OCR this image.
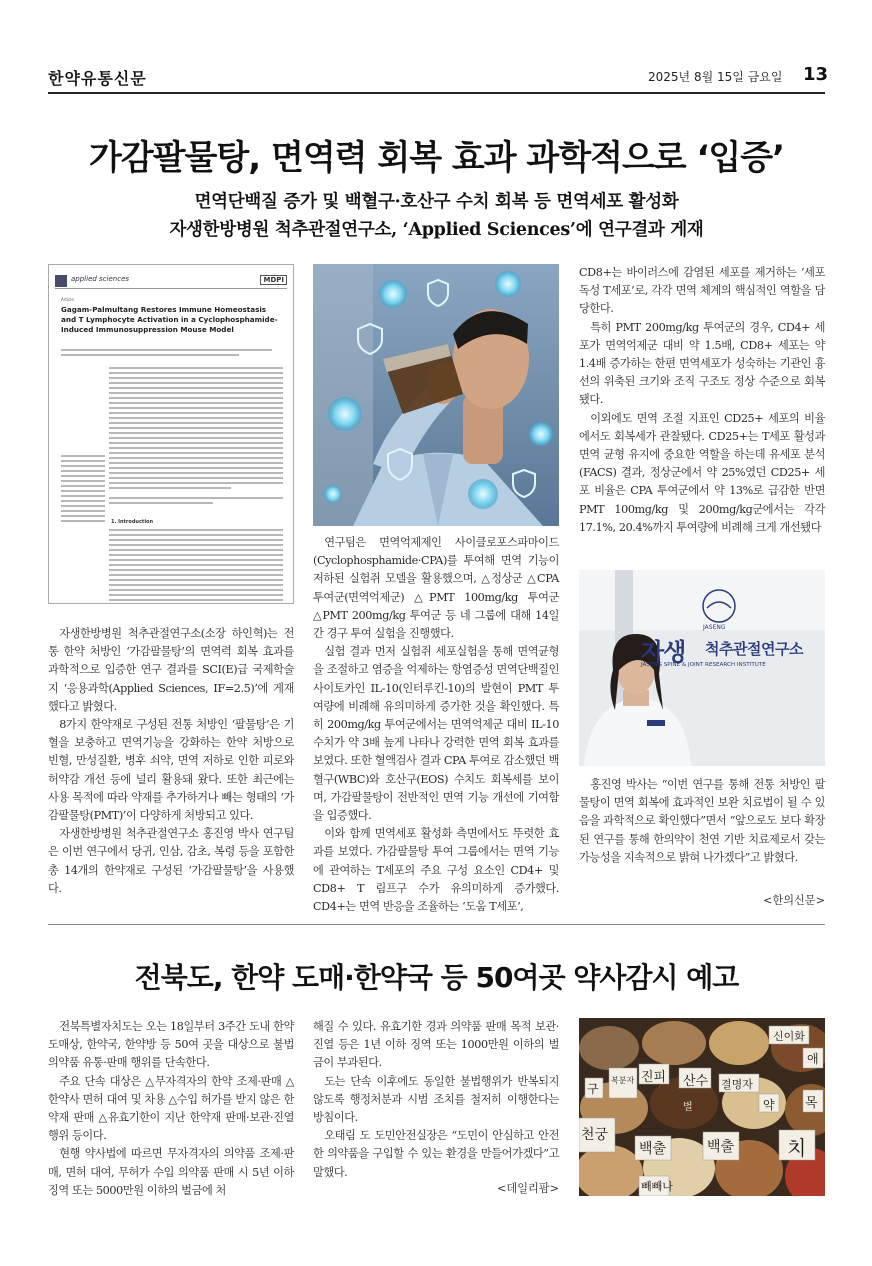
한약유통신문	2025년 8월 15일 금요일 13
가감팔물탕, 면역력 회복 효과 과학적으로 ‘입증’
면역단백질 증가 및 백혈구·호산구 수치 회복 등 면역세포 활성화
자생한방병원 척추관절연구소, ‘Applied Sciences’에 연구결과 게재
applied sciences	MDPI
Article
Gagam-Palmultang Restores Immune Homeostasis and T Lymphocyte Activation in a Cyclophosphamide-Induced Immunosuppression Mouse Model
1. Introduction

자생한방병원 척추관절연구소(소장 하인혁)는 전통 한약 처방인 ‘가감팔물탕’의 면역력 회복 효과를 과학적으로 입증한 연구 결과를 SCI(E)급 국제학술지 ‘응용과학(Applied Sciences, IF=2.5)’에 게재했다고 밝혔다.

8가지 한약재로 구성된 전통 처방인 ‘팔물탕’은 기혈을 보충하고 면역기능을 강화하는 한약 처방으로 빈혈, 만성질환, 병후 쇠약, 면역 저하로 인한 피로와 허약감 개선 등에 널리 활용돼 왔다. 또한 최근에는 사용 목적에 따라 약재를 추가하거나 빼는 형태의 ‘가감팔물탕(PMT)’이 다양하게 처방되고 있다.

자생한방병원 척추관절연구소 홍진영 박사 연구팀은 이번 연구에서 당귀, 인삼, 감초, 복령 등을 포함한 총 14개의 한약재로 구성된 ‘가감팔물탕’을 사용했다.

연구팀은 면역억제제인 사이클로포스파마이드(Cyclophosphamide·CPA)를 투여해 면역 기능이 저하된 실험쥐 모델을 활용했으며, △정상군 △CPA 투여군(면역억제군) △PMT 100mg/kg 투여군 △PMT 200mg/kg 투여군 등 네 그룹에 대해 14일간 경구 투여 실험을 진행했다.

실험 결과 먼저 실험쥐 세포실험을 통해 면역균형을 조절하고 염증을 억제하는 항염증성 면역단백질인 사이토카인 IL-10(인터루킨-10)의 발현이 PMT 투여량에 비례해 유의미하게 증가한 것을 확인했다. 특히 200mg/kg 투여군에서는 면역억제군 대비 IL-10 수치가 약 3배 높게 나타나 강력한 면역 회복 효과를 보였다. 또한 혈액검사 결과 CPA 투여로 감소했던 백혈구(WBC)와 호산구(EOS) 수치도 회복세를 보이며, 가감팔물탕이 전반적인 면역 기능 개선에 기여함을 입증했다.

이와 함께 면역세포 활성화 측면에서도 뚜렷한 효과를 보였다. 가감팔물탕 투여 그룹에서는 면역 기능에 관여하는 T세포의 주요 구성 요소인 CD4+ 및 CD8+ T 림프구 수가 유의미하게 증가했다. CD4+는 면역 반응을 조율하는 ‘도움 T세포’,

CD8+는 바이러스에 감염된 세포를 제거하는 ‘세포독성 T세포’로, 각각 면역 체계의 핵심적인 역할을 담당한다.

특히 PMT 200mg/kg 투여군의 경우, CD4+ 세포가 면역억제군 대비 약 1.5배, CD8+ 세포는 약 1.4배 증가하는 한편 면역세포가 성숙하는 기관인 흉선의 위축된 크기와 조직 구조도 정상 수준으로 회복됐다.

이외에도 면역 조절 지표인 CD25+ 세포의 비율에서도 회복세가 관찰됐다. CD25+는 T세포 활성과 면역 균형 유지에 중요한 역할을 하는데 유세포 분석(FACS) 결과, 정상군에서 약 25%였던 CD25+ 세포 비율은 CPA 투여군에서 약 13%로 급감한 반면 PMT 100mg/kg 및 200mg/kg군에서는 각각 17.1%, 20.4%까지 투여량에 비례해 크게 개선됐다

JASENG
자생 척추관절연구소
JASENG SPINE & JOINT RESEARCH INSTITUTE

홍진영 박사는 “이번 연구를 통해 전통 처방인 팔물탕이 면역 회복에 효과적인 보완 치료법이 될 수 있음을 과학적으로 확인했다”면서 “앞으로도 보다 확장된 연구를 통해 한의약이 천연 기반 치료제로서 갖는 가능성을 지속적으로 밝혀 나가겠다”고 밝혔다.

<한의신문>
전북도, 한약 도매·한약국 등 50여곳 약사감시 예고

전북특별자치도는 오는 18일부터 3주간 도내 한약 도매상, 한약국, 한약방 등 50여 곳을 대상으로 불법 의약품 유통·판매 행위를 단속한다.

주요 단속 대상은 △무자격자의 한약 조제·판매 △한약사 면허 대여 및 차용 △수입 허가를 받지 않은 한약재 판매 △유효기한이 지난 한약재 판매·보관·진열 행위 등이다.

현행 약사법에 따르면 무자격자의 의약품 조제·판매, 면허 대여, 무허가 수입 의약품 판매 시 5년 이하 징역 또는 5000만원 이하의 벌금에 처

해질 수 있다. 유효기한 경과 의약품 판매 목적 보관·진열 등은 1년 이하 징역 또는 1000만원 이하의 벌금이 부과된다.

도는 단속 이후에도 동일한 불법행위가 반복되지 않도록 행정처분과 시범 조치를 철저히 이행한다는 방침이다.

오태림 도 도민안전실장은 “도민이 안심하고 안전한 의약품을 구입할 수 있는 환경을 만들어가겠다”고 말했다.

<데일리팜>
진피 산수
천궁
백출	백출	치
신이화
결명자
목
애
구
약
복분자
벌
빼빼나
